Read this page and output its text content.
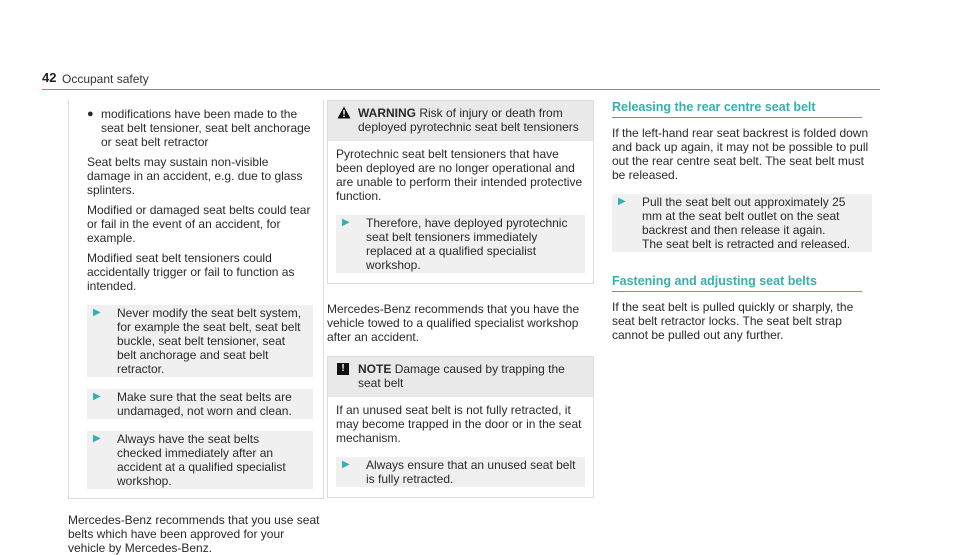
42 Occupant safety
● modifications have been made to the seat belt tensioner, seat belt anchorage or seat belt retractor

Seat belts may sustain non-visible damage in an accident, e.g. due to glass splinters.

Modified or damaged seat belts could tear or fail in the event of an accident, for example.

Modified seat belt tensioners could accidentally trigger or fail to function as intended.

▶ Never modify the seat belt system, for example the seat belt, seat belt buckle, seat belt tensioner, seat belt anchorage and seat belt retractor.
▶ Make sure that the seat belts are undamaged, not worn and clean.
▶ Always have the seat belts checked immediately after an accident at a qualified specialist workshop.

Mercedes-Benz recommends that you use seat belts which have been approved for your vehicle by Mercedes-Benz.

WARNING Risk of injury or death from deployed pyrotechnic seat belt tensioners

Pyrotechnic seat belt tensioners that have been deployed are no longer operational and are unable to perform their intended protective function.

▶ Therefore, have deployed pyrotechnic seat belt tensioners immediately replaced at a qualified specialist workshop.

Mercedes-Benz recommends that you have the vehicle towed to a qualified specialist workshop after an accident.

!	NOTE Damage caused by trapping the seat belt

If an unused seat belt is not fully retracted, it may become trapped in the door or in the seat mechanism.

▶ Always ensure that an unused seat belt is fully retracted.
Releasing the rear centre seat belt

If the left-hand rear seat backrest is folded down and back up again, it may not be possible to pull out the rear centre seat belt. The seat belt must be released.

▶ Pull the seat belt out approximately 25 mm at the seat belt outlet on the seat backrest and then release it again.
The seat belt is retracted and released.
Fastening and adjusting seat belts

If the seat belt is pulled quickly or sharply, the seat belt retractor locks. The seat belt strap cannot be pulled out any further.
